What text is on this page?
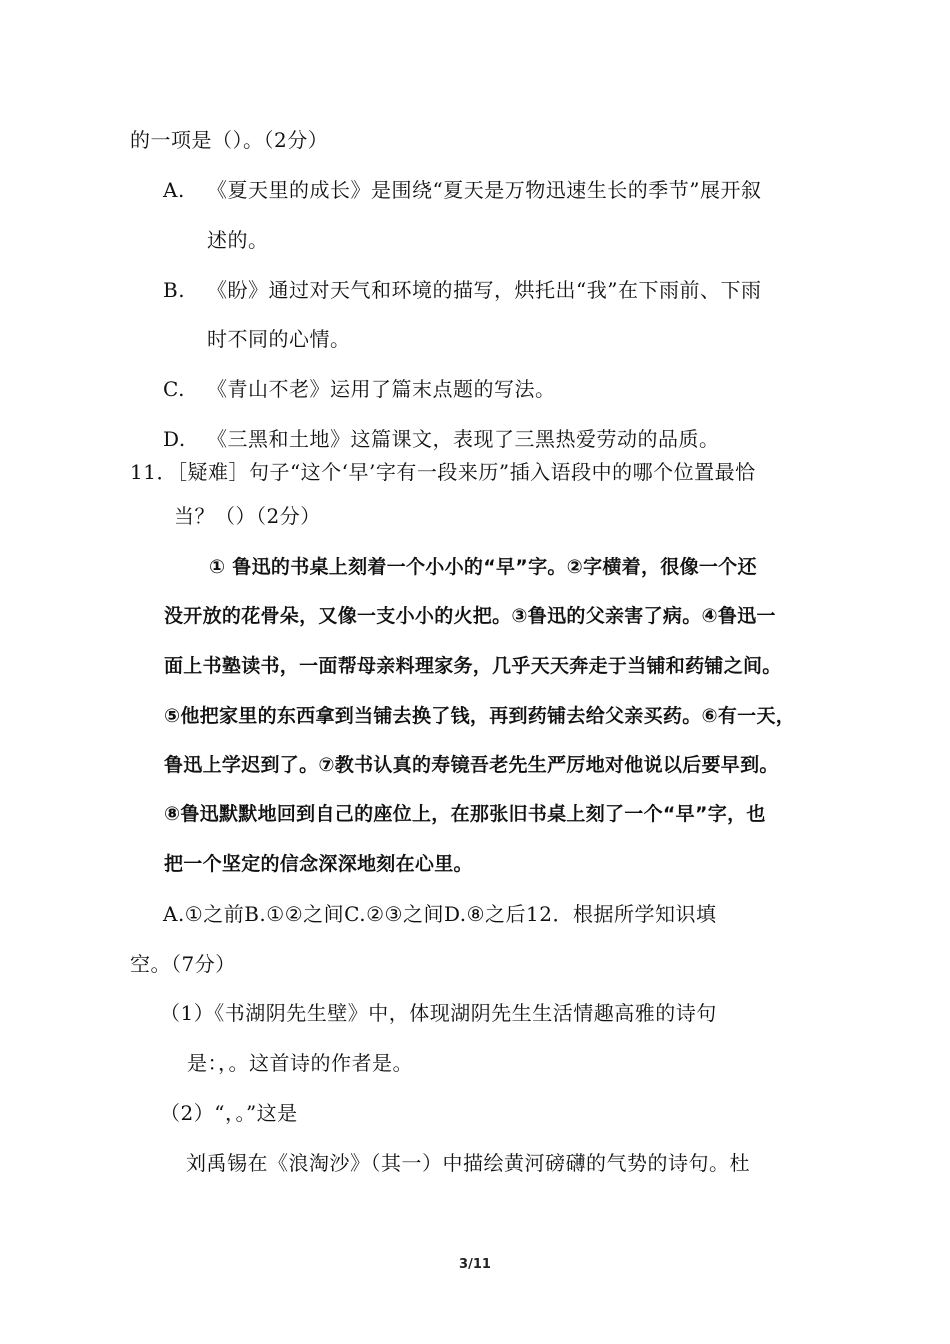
的一项是（）。（2分）
A. 《夏天里的成长》是围绕“夏天是万物迅速生长的季节”展开叙
述的。
B. 《盼》通过对天气和环境的描写，烘托出“我”在下雨前、下雨
时不同的心情。
C. 《青山不老》运用了篇末点题的写法。
D. 《三黑和土地》这篇课文，表现了三黑热爱劳动的品质。
11．［疑难］句子“这个‘早’字有一段来历”插入语段中的哪个位置最恰
当？（）（2分）
① 鲁迅的书桌上刻着一个小小的“早”字。②字横着，很像一个还
没开放的花骨朵，又像一支小小的火把。③鲁迅的父亲害了病。④鲁迅一
面上书塾读书，一面帮母亲料理家务，几乎天天奔走于当铺和药铺之间。
⑤他把家里的东西拿到当铺去换了钱，再到药铺去给父亲买药。⑥有一天，
鲁迅上学迟到了。⑦教书认真的寿镜吾老先生严厉地对他说以后要早到。
⑧鲁迅默默地回到自己的座位上，在那张旧书桌上刻了一个“早”字，也
把一个坚定的信念深深地刻在心里。
A.①之前B.①②之间C.②③之间D.⑧之后12．根据所学知识填
空。（7分）
（1）《书湖阴先生壁》中，体现湖阴先生生活情趣高雅的诗句
是：，。这首诗的作者是。
（2）“，。”这是
刘禹锡在《浪淘沙》（其一）中描绘黄河磅礴的气势的诗句。杜
3/11
